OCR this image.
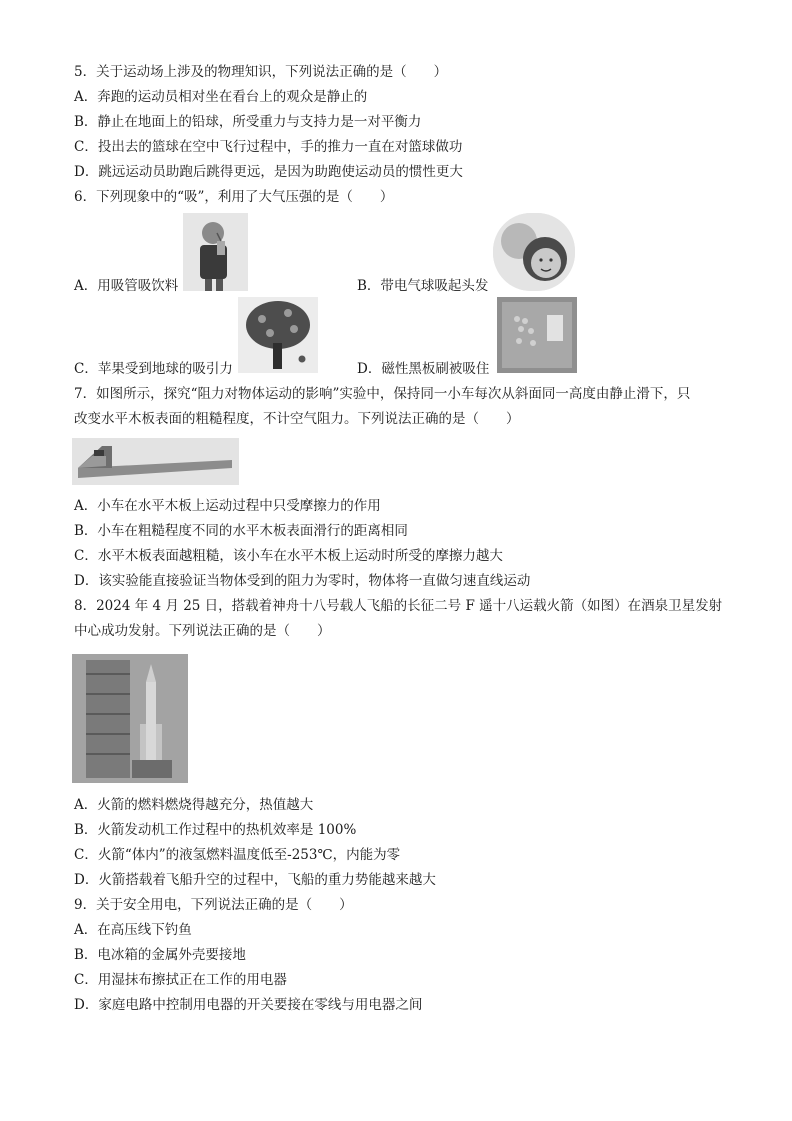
5．关于运动场上涉及的物理知识，下列说法正确的是（　　）
A．奔跑的运动员相对坐在看台上的观众是静止的
B．静止在地面上的铅球，所受重力与支持力是一对平衡力
C．投出去的篮球在空中飞行过程中，手的推力一直在对篮球做功
D．跳远运动员助跑后跳得更远，是因为助跑使运动员的惯性更大
6．下列现象中的“吸”，利用了大气压强的是（　　）
A．用吸管吸饮料	B．带电气球吸起头发
C．苹果受到地球的吸引力	D．磁性黑板刷被吸住
7．如图所示，探究“阻力对物体运动的影响”实验中，保持同一小车每次从斜面同一高度由静止滑下，只
改变水平木板表面的粗糙程度，不计空气阻力。下列说法正确的是（　　）
A．小车在水平木板上运动过程中只受摩擦力的作用
B．小车在粗糙程度不同的水平木板表面滑行的距离相同
C．水平木板表面越粗糙，该小车在水平木板上运动时所受的摩擦力越大
D．该实验能直接验证当物体受到的阻力为零时，物体将一直做匀速直线运动
8．2024 年 4 月 25 日，搭载着神舟十八号载人飞船的长征二号 F 遥十八运载火箭（如图）在酒泉卫星发射
中心成功发射。下列说法正确的是（　　）
A．火箭的燃料燃烧得越充分，热值越大
B．火箭发动机工作过程中的热机效率是 100%
C．火箭“体内”的液氢燃料温度低至-253℃，内能为零
D．火箭搭载着飞船升空的过程中，飞船的重力势能越来越大
9．关于安全用电，下列说法正确的是（　　）
A．在高压线下钓鱼
B．电冰箱的金属外壳要接地
C．用湿抹布擦拭正在工作的用电器
D．家庭电路中控制用电器的开关要接在零线与用电器之间
